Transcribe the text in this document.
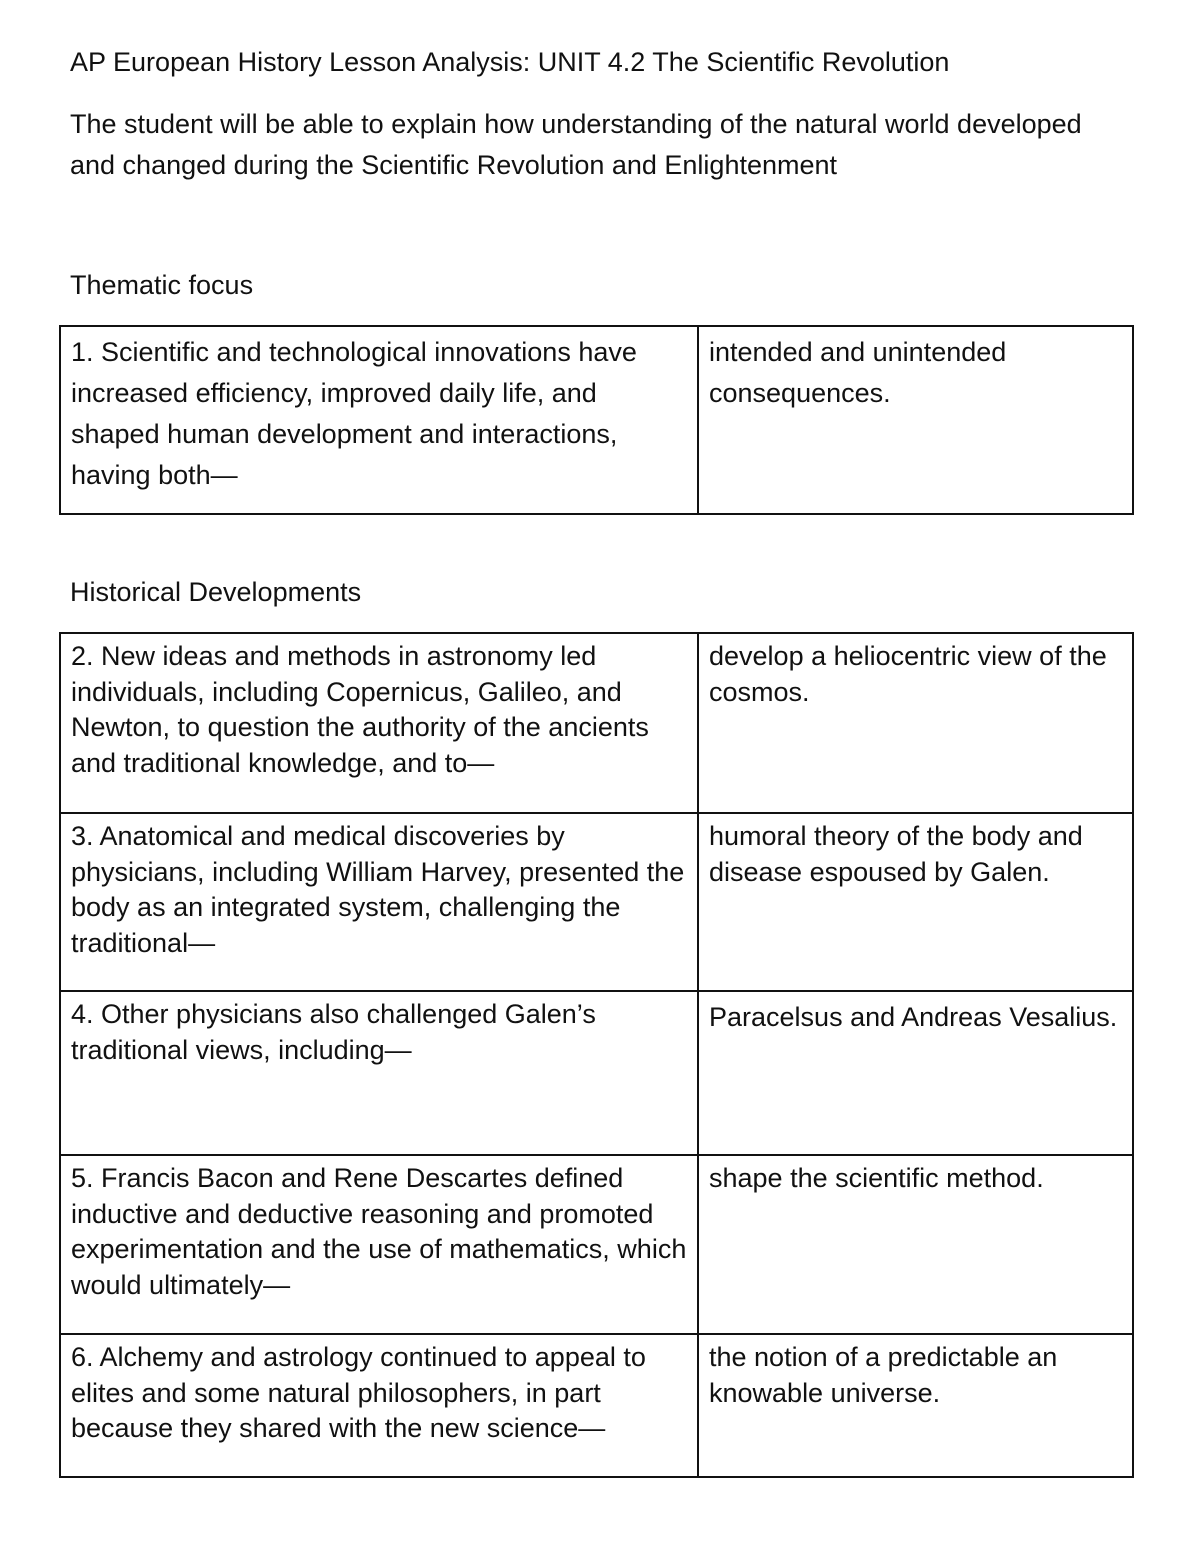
AP European History Lesson Analysis: UNIT 4.2 The Scientific Revolution
The student will be able to explain how understanding of the natural world developed and changed during the Scientific Revolution and Enlightenment
Thematic focus
1. Scientific and technological innovations have increased efficiency, improved daily life, and shaped human development and interactions, having both—	intended and unintended consequences.
Historical Developments
2. New ideas and methods in astronomy led individuals, including Copernicus, Galileo, and Newton, to question the authority of the ancients and traditional knowledge, and to—	develop a heliocentric view of the cosmos.
3. Anatomical and medical discoveries by physicians, including William Harvey, presented the body as an integrated system, challenging the traditional—	humoral theory of the body and disease espoused by Galen.
4. Other physicians also challenged Galen’s traditional views, including—	Paracelsus and Andreas Vesalius.
5. Francis Bacon and Rene Descartes defined inductive and deductive reasoning and promoted experimentation and the use of mathematics, which would ultimately—	shape the scientific method.
6. Alchemy and astrology continued to appeal to elites and some natural philosophers, in part because they shared with the new science—	the notion of a predictable an knowable universe.
